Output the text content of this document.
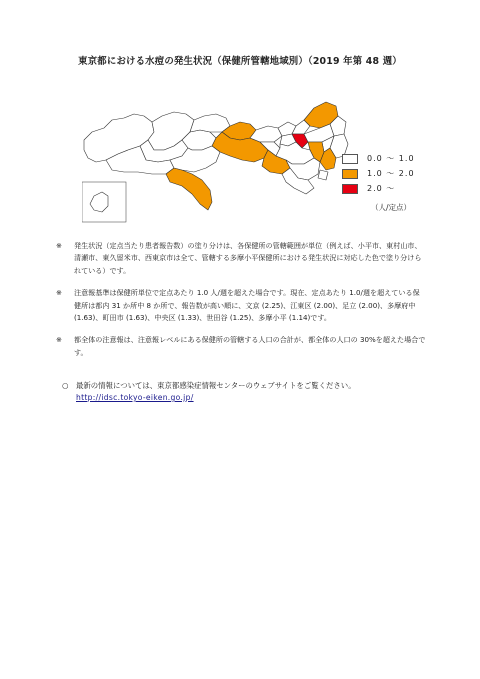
東京都における水痘の発生状況（保健所管轄地域別）（2019 年第 48 週）
0.0 ～ 1.0
1.0 ～ 2.0
2.0 ～
（人/定点）
※	発生状況（定点当たり患者報告数）の塗り分けは、各保健所の管轄範囲が単位（例えば、小平市、東村山市、清瀬市、東久留米市、西東京市は全て、管轄する多摩小平保健所における発生状況に対応した色で塗り分けられている）です。
※	注意報基準は保健所単位で定点あたり 1.0 人/週を超えた場合です。現在、定点あたり 1.0/週を超えている保健所は都内 31 か所中 8 か所で、報告数が高い順に、文京 (2.25)、江東区 (2.00)、足立 (2.00)、多摩府中 (1.63)、町田市 (1.63)、中央区 (1.33)、世田谷 (1.25)、多摩小平 (1.14)です。
※	都全体の注意報は、注意報レベルにある保健所の管轄する人口の合計が、都全体の人口の 30%を超えた場合です。
○	最新の情報については、東京都感染症情報センターのウェブサイトをご覧ください。
http://idsc.tokyo-eiken.go.jp/
